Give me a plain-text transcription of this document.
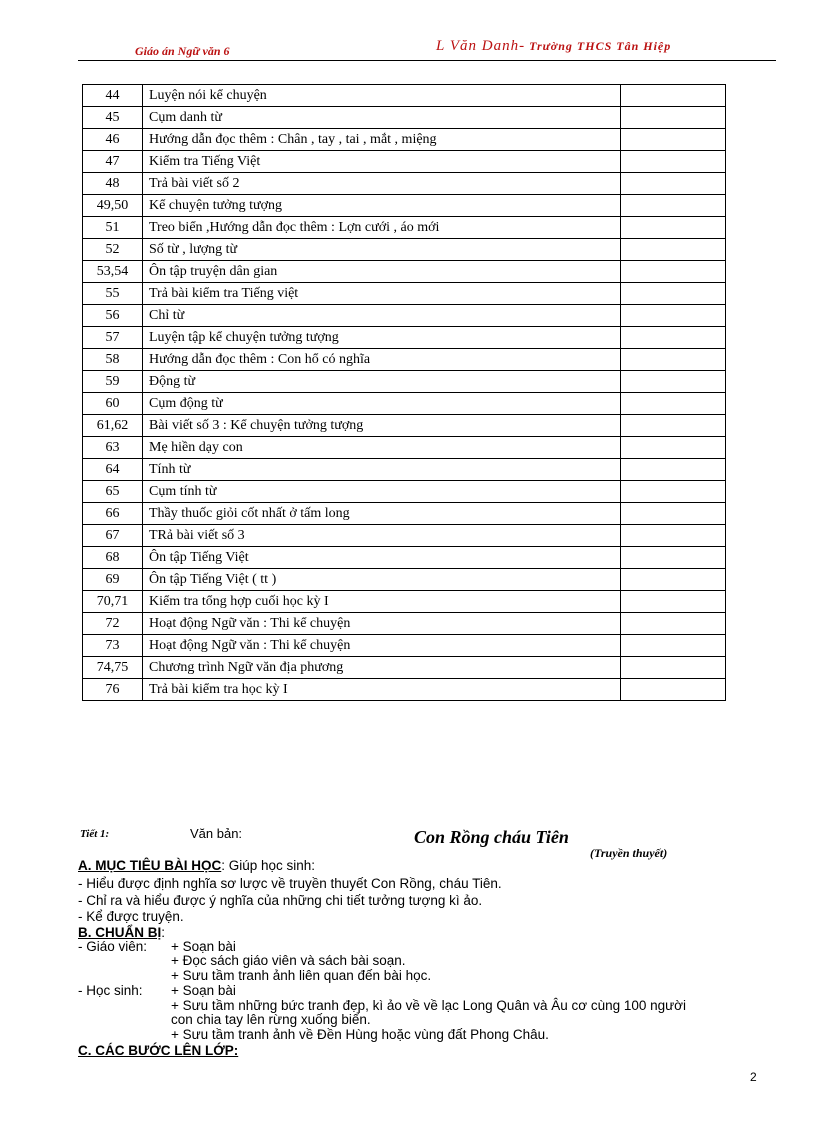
Giáo án Ngữ văn 6	L Văn Danh- Trường THCS Tân Hiệp
44	Luyện nói kể chuyện	
45	Cụm danh từ	
46	Hướng dẫn đọc thêm : Chân , tay , tai , mắt , miệng	
47	Kiểm tra Tiếng Việt	
48	Trả bài viết số 2	
49,50	Kể chuyện tưởng tượng	
51	Treo biển ,Hướng dẫn đọc thêm : Lợn cưới , áo mới	
52	Số từ , lượng từ	
53,54	Ôn tập truyện dân gian	
55	Trả bài kiểm tra Tiếng việt	
56	Chỉ từ	
57	Luyện tập kể chuyện tưởng tượng	
58	Hướng dẫn đọc thêm : Con hổ có nghĩa	
59	Động từ	
60	Cụm động từ	
61,62	Bài viết số 3 : Kể chuyện tưởng tượng	
63	Mẹ hiền dạy con	
64	Tính từ	
65	Cụm tính từ	
66	Thầy thuốc giỏi cốt nhất ở tấm long	
67	TRả bài viết số 3	
68	Ôn tập Tiếng Việt	
69	Ôn tập Tiếng Việt ( tt )	
70,71	Kiểm tra tổng hợp cuối học kỳ I	
72	Hoạt động Ngữ văn : Thi kể chuyện	
73	Hoạt động Ngữ văn : Thi kể chuyện	
74,75	Chương trình Ngữ văn địa phương	
76	Trả bài kiểm tra học kỳ I	
Tiết 1:	Văn bản:	Con Rồng cháu Tiên
(Truyền thuyết)
A. MỤC TIÊU BÀI HỌC: Giúp học sinh:
- Hiểu được định nghĩa sơ lược về truyền thuyết Con Rồng, cháu Tiên.
- Chỉ ra và hiểu được ý nghĩa của những chi tiết tưởng tượng kì ảo.
- Kể được truyện.
B. CHUẨN BỊ:
- Giáo viên: + Soạn bài
+ Đọc sách giáo viên và sách bài soạn.
+ Sưu tầm tranh ảnh liên quan đến bài học.
- Học sinh: + Soạn bài
+ Sưu tầm những bức tranh đẹp, kì ảo về về lạc Long Quân và Âu cơ cùng 100 người
con chia tay lên rừng xuống biển.
+ Sưu tầm tranh ảnh về Đền Hùng hoặc vùng đất Phong Châu.
C. CÁC BƯỚC LÊN LỚP:
2
